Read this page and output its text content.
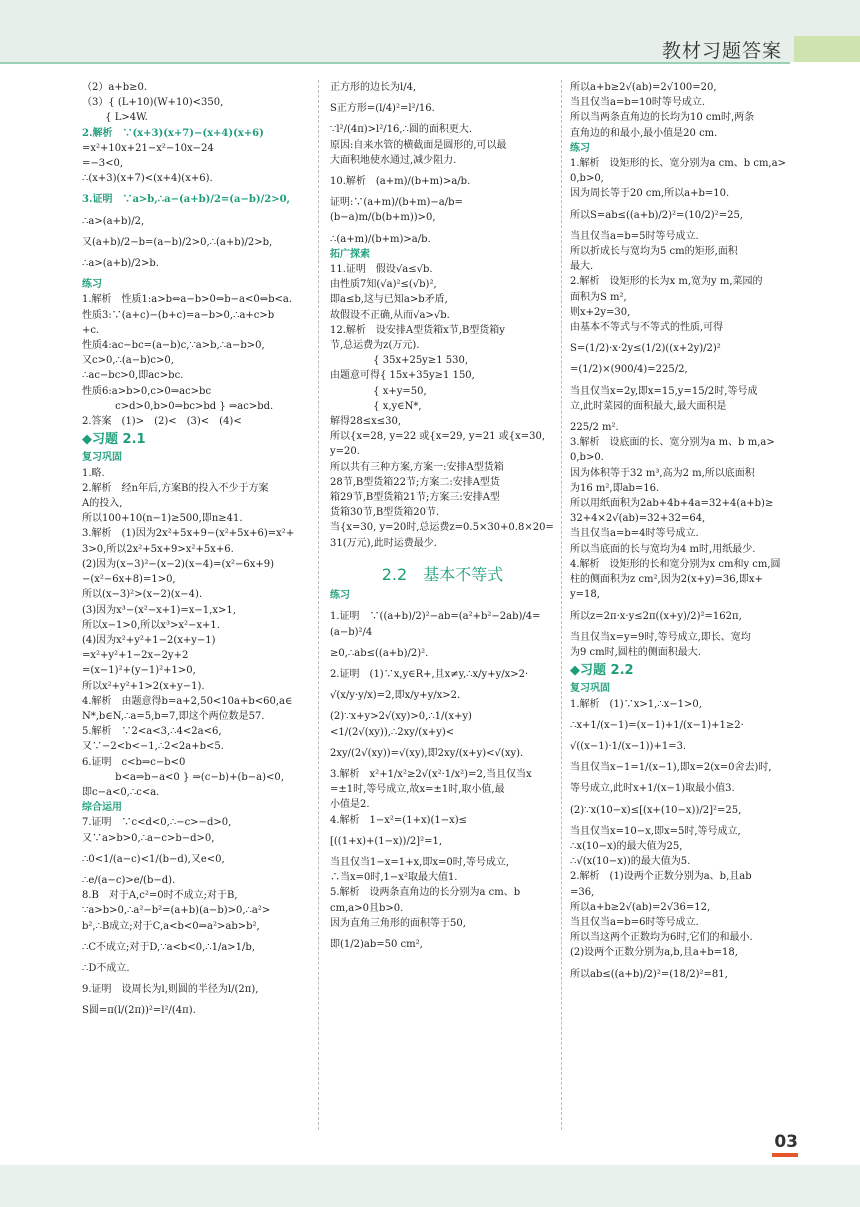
教材习题答案

（2）a+b≥0.

（3）{ (L+10)(W+10)<350,

　　 { L>4W.

2.解析　∵(x+3)(x+7)−(x+4)(x+6)

=x²+10x+21−x²−10x−24

=−3<0,

∴(x+3)(x+7)<(x+4)(x+6).

3.证明　∵a>b,∴a−(a+b)/2=(a−b)/2>0,

∴a>(a+b)/2,

又(a+b)/2−b=(a−b)/2>0,∴(a+b)/2>b,

∴a>(a+b)/2>b.

练习

1.解析　性质1:a>b⇔a−b>0⇔b−a<0⇔b<a.

性质3:∵(a+c)−(b+c)=a−b>0,∴a+c>b

+c.

性质4:ac−bc=(a−b)c,∵a>b,∴a−b>0,

又c>0,∴(a−b)c>0,

∴ac−bc>0,即ac>bc.

性质6:a>b>0,c>0⇒ac>bc

　　　 c>d>0,b>0⇒bc>bd } ⇒ac>bd.

2.答案　(1)>　(2)<　(3)<　(4)<

◆习题 2.1

复习巩固

1.略.

2.解析　经n年后,方案B的投入不少于方案

A的投入,

所以100+10(n−1)≥500,即n≥41.

3.解析　(1)因为2x²+5x+9−(x²+5x+6)=x²+

3>0,所以2x²+5x+9>x²+5x+6.

(2)因为(x−3)²−(x−2)(x−4)=(x²−6x+9)

−(x²−6x+8)=1>0,

所以(x−3)²>(x−2)(x−4).

(3)因为x³−(x²−x+1)=x−1,x>1,

所以x−1>0,所以x³>x²−x+1.

(4)因为x²+y²+1−2(x+y−1)

=x²+y²+1−2x−2y+2

=(x−1)²+(y−1)²+1>0,

所以x²+y²+1>2(x+y−1).

4.解析　由题意得b=a+2,50<10a+b<60,a∈

N*,b∈N,∴a=5,b=7,即这个两位数是57.

5.解析　∵2<a<3,∴4<2a<6,

又∵−2<b<−1,∴2<2a+b<5.

6.证明　c<b⇒c−b<0

　　　 b<a⇒b−a<0 } ⇒(c−b)+(b−a)<0,

即c−a<0,∴c<a.

综合运用

7.证明　∵c<d<0,∴−c>−d>0,

又∵a>b>0,∴a−c>b−d>0,

∴0<1/(a−c)<1/(b−d),又e<0,

∴e/(a−c)>e/(b−d).

8.B　对于A,c²=0时不成立;对于B,

∵a>b>0,∴a²−b²=(a+b)(a−b)>0,∴a²>

b²,∴B成立;对于C,a<b<0⇒a²>ab>b²,

∴C不成立;对于D,∵a<b<0,∴1/a>1/b,

∴D不成立.

9.证明　设周长为l,则圆的半径为l/(2π),

S圆=π(l/(2π))²=l²/(4π).

正方形的边长为l/4,

S正方形=(l/4)²=l²/16.

∵l²/(4π)>l²/16,∴圆的面积更大.

原因:自来水管的横截面是圆形的,可以最

大面积地使水通过,减少阻力.

10.解析　(a+m)/(b+m)>a/b.

证明:∵(a+m)/(b+m)−a/b=(b−a)m/(b(b+m))>0,

∴(a+m)/(b+m)>a/b.

拓广探索

11.证明　假设√a≤√b.

由性质7知(√a)²≤(√b)²,

即a≤b,这与已知a>b矛盾,

故假设不正确,从而√a>√b.

12.解析　设安排A型货箱x节,B型货箱y

节,总运费为z(万元).

　　　　 { 35x+25y≥1 530,

由题意可得{ 15x+35y≥1 150,

　　　　 { x+y=50,

　　　　 { x,y∈N*,

解得28≤x≤30,

所以{x=28, y=22 或{x=29, y=21 或{x=30, y=20.

所以共有三种方案,方案一:安排A型货箱

28节,B型货箱22节;方案二:安排A型货

箱29节,B型货箱21节;方案三:安排A型

货箱30节,B型货箱20节.

当{x=30, y=20时,总运费z=0.5×30+0.8×20=

31(万元),此时运费最少.

2.2　基本不等式

练习

1.证明　∵((a+b)/2)²−ab=(a²+b²−2ab)/4=(a−b)²/4

≥0,∴ab≤((a+b)/2)².

2.证明　(1)∵x,y∈R+,且x≠y,∴x/y+y/x>2·

√(x/y·y/x)=2,即x/y+y/x>2.

(2)∵x+y>2√(xy)>0,∴1/(x+y)<1/(2√(xy)),∴2xy/(x+y)<

2xy/(2√(xy))=√(xy),即2xy/(x+y)<√(xy).

3.解析　x²+1/x²≥2√(x²·1/x²)=2,当且仅当x

=±1时,等号成立,故x=±1时,取小值,最

小值是2.

4.解析　1−x²=(1+x)(1−x)≤

[((1+x)+(1−x))/2]²=1,

当且仅当1−x=1+x,即x=0时,等号成立,

∴当x=0时,1−x²取最大值1.

5.解析　设两条直角边的长分别为a cm、b

cm,a>0且b>0.

因为直角三角形的面积等于50,

即(1/2)ab=50 cm²,

所以a+b≥2√(ab)=2√100=20,

当且仅当a=b=10时等号成立.

所以当两条直角边的长均为10 cm时,两条

直角边的和最小,最小值是20 cm.

练习

1.解析　设矩形的长、宽分别为a cm、b cm,a>

0,b>0,

因为周长等于20 cm,所以a+b=10.

所以S=ab≤((a+b)/2)²=(10/2)²=25,

当且仅当a=b=5时等号成立.

所以折成长与宽均为5 cm的矩形,面积

最大.

2.解析　设矩形的长为x m,宽为y m,菜园的

面积为S m²,

则x+2y=30,

由基本不等式与不等式的性质,可得

S=(1/2)·x·2y≤(1/2)((x+2y)/2)²

=(1/2)×(900/4)=225/2,

当且仅当x=2y,即x=15,y=15/2时,等号成

立,此时菜园的面积最大,最大面积是

225/2 m².

3.解析　设底面的长、宽分别为a m、b m,a>

0,b>0.

因为体积等于32 m³,高为2 m,所以底面积

为16 m²,即ab=16.

所以用纸面积为2ab+4b+4a=32+4(a+b)≥

32+4×2√(ab)=32+32=64,

当且仅当a=b=4时等号成立.

所以当底面的长与宽均为4 m时,用纸最少.

4.解析　设矩形的长和宽分别为x cm和y cm,圆

柱的侧面积为z cm²,因为2(x+y)=36,即x+

y=18,

所以z=2π·x·y≤2π((x+y)/2)²=162π,

当且仅当x=y=9时,等号成立,即长、宽均

为9 cm时,圆柱的侧面积最大.

◆习题 2.2

复习巩固

1.解析　(1)∵x>1,∴x−1>0,

∴x+1/(x−1)=(x−1)+1/(x−1)+1≥2·

√((x−1)·1/(x−1))+1=3.

当且仅当x−1=1/(x−1),即x=2(x=0舍去)时,

等号成立,此时x+1/(x−1)取最小值3.

(2)∵x(10−x)≤[(x+(10−x))/2]²=25,

当且仅当x=10−x,即x=5时,等号成立,

∴x(10−x)的最大值为25,

∴√(x(10−x))的最大值为5.

2.解析　(1)设两个正数分别为a、b,且ab

=36,

所以a+b≥2√(ab)=2√36=12,

当且仅当a=b=6时等号成立.

所以当这两个正数均为6时,它们的和最小.

(2)设两个正数分别为a,b,且a+b=18,

所以ab≤((a+b)/2)²=(18/2)²=81,

03
